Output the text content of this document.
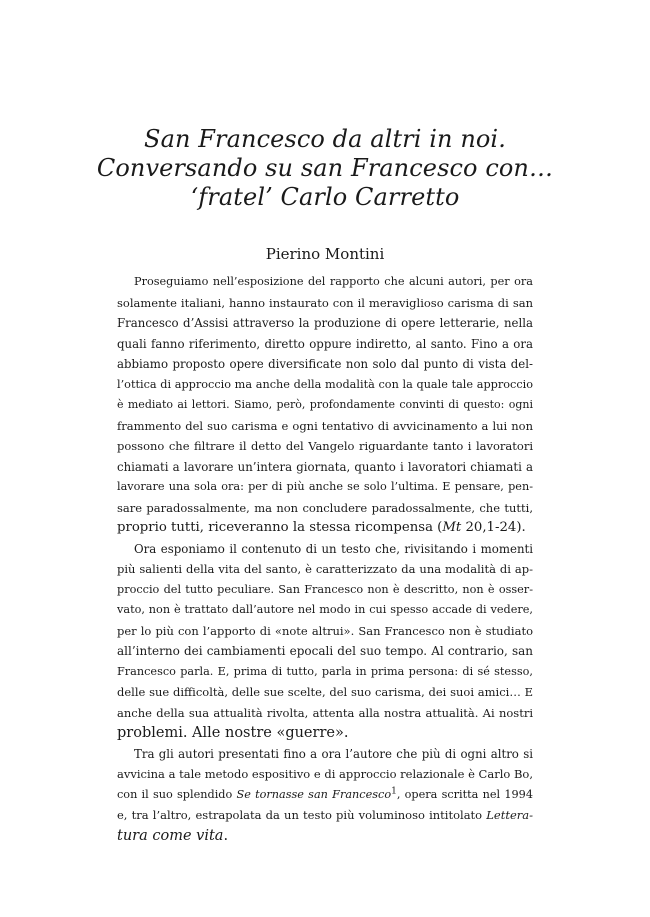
San Francesco da altri in noi.
Conversando su san Francesco con…
‘fratel’ Carlo Carretto
Pierino Montini
Proseguiamo nell’esposizione del rapporto che alcuni autori, per ora
solamente italiani, hanno instaurato con il meraviglioso carisma di san
Francesco d’Assisi attraverso la produzione di opere letterarie, nella
quali fanno riferimento, diretto oppure indiretto, al santo. Fino a ora
abbiamo proposto opere diversificate non solo dal punto di vista del-
l’ottica di approccio ma anche della modalità con la quale tale approccio
è mediato ai lettori. Siamo, però, profondamente convinti di questo: ogni
frammento del suo carisma e ogni tentativo di avvicinamento a lui non
possono che filtrare il detto del Vangelo riguardante tanto i lavoratori
chiamati a lavorare un’intera giornata, quanto i lavoratori chiamati a
lavorare una sola ora: per di più anche se solo l’ultima. E pensare, pen-
sare paradossalmente, ma non concludere paradossalmente, che tutti,
proprio tutti, riceveranno la stessa ricompensa (Mt 20,1-24).
Ora esponiamo il contenuto di un testo che, rivisitando i momenti
più salienti della vita del santo, è caratterizzato da una modalità di ap-
proccio del tutto peculiare. San Francesco non è descritto, non è osser-
vato, non è trattato dall’autore nel modo in cui spesso accade di vedere,
per lo più con l’apporto di «note altrui». San Francesco non è studiato
all’interno dei cambiamenti epocali del suo tempo. Al contrario, san
Francesco parla. E, prima di tutto, parla in prima persona: di sé stesso,
delle sue difficoltà, delle sue scelte, del suo carisma, dei suoi amici… E
anche della sua attualità rivolta, attenta alla nostra attualità. Ai nostri
problemi. Alle nostre «guerre».
Tra gli autori presentati fino a ora l’autore che più di ogni altro si
avvicina a tale metodo espositivo e di approccio relazionale è Carlo Bo,
con il suo splendido Se tornasse san Francesco$^1$, opera scritta nel 1994
e, tra l’altro, estrapolata da un testo più voluminoso intitolato Lettera-
tura come vita.
